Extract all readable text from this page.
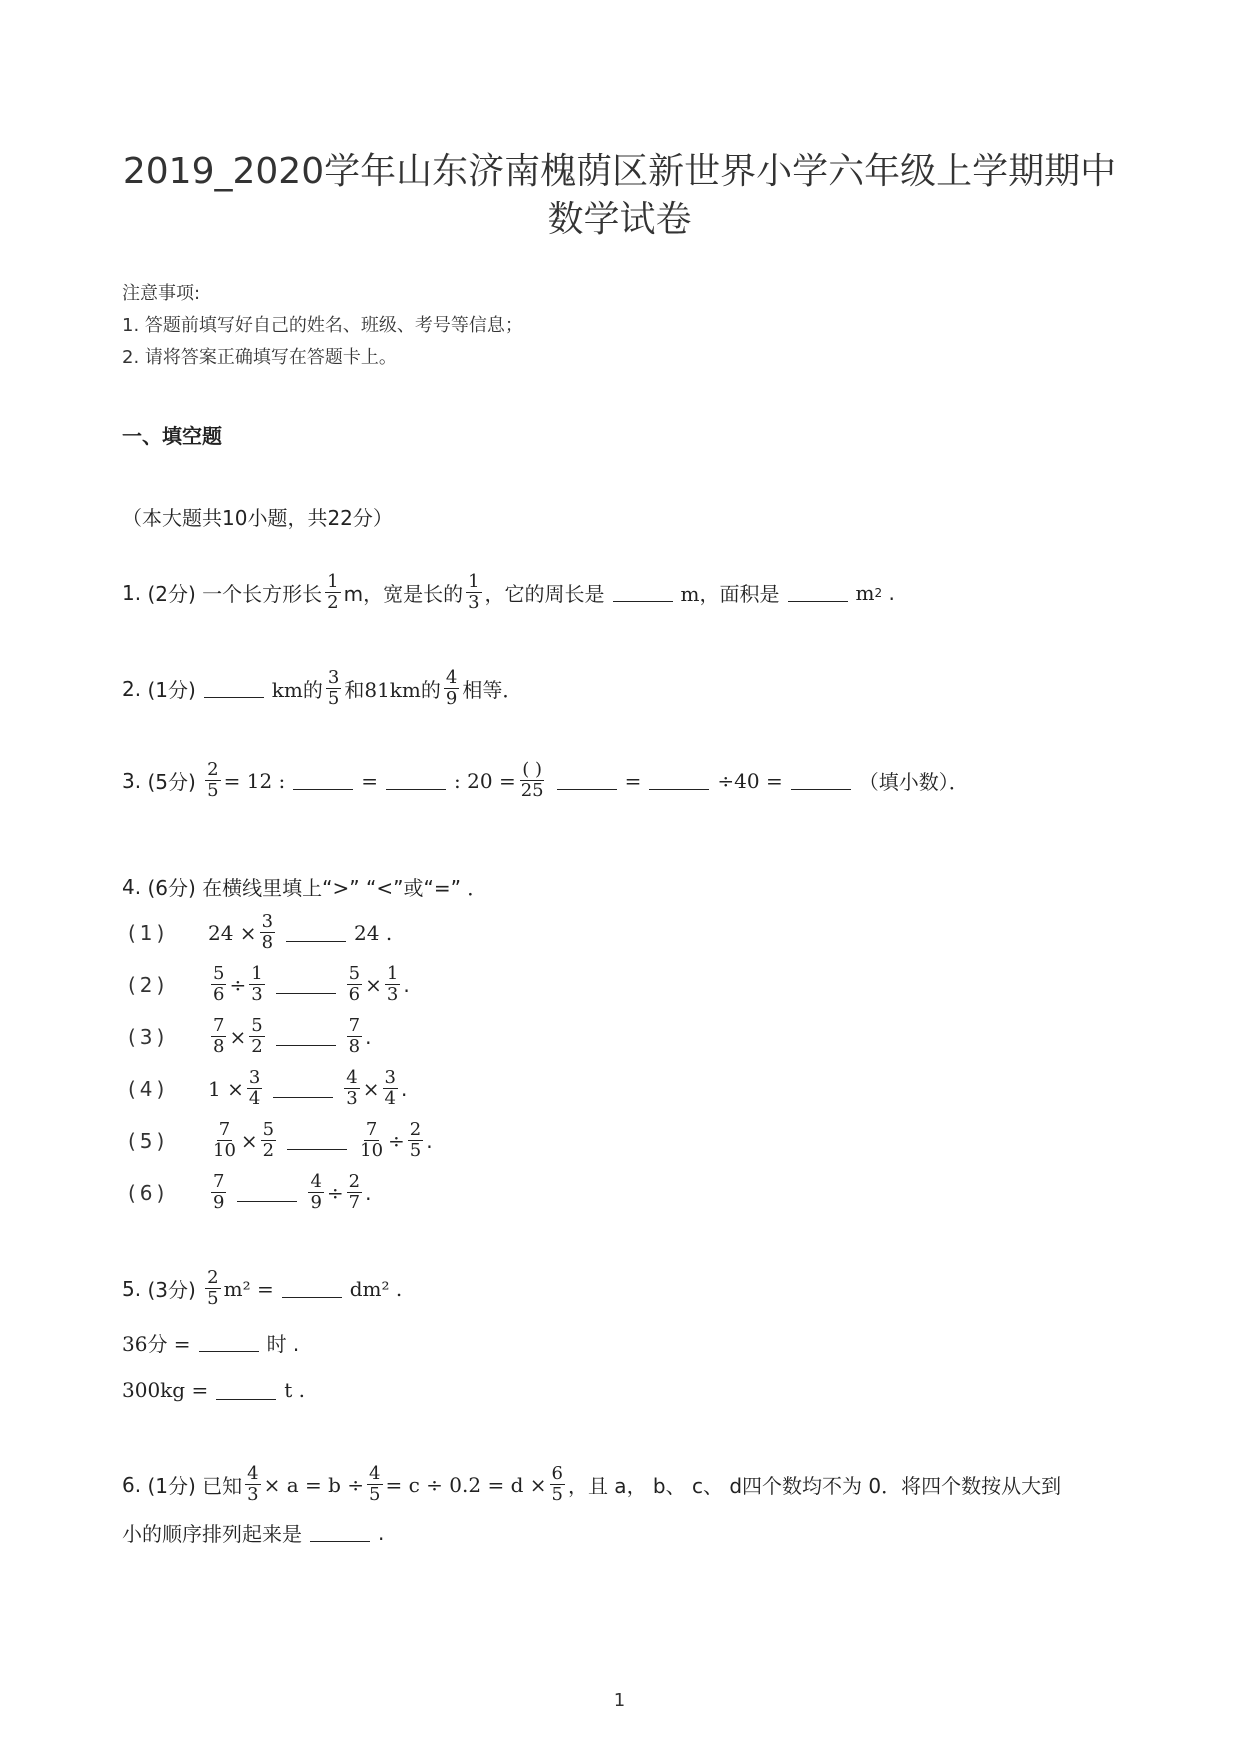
2019_2020学年山东济南槐荫区新世界小学六年级上学期期中
数学试卷
注意事项:
1. 答题前填写好自己的姓名、班级、考号等信息；
2. 请将答案正确填写在答题卡上。
一、填空题
（本大题共10小题，共22分）
1.
(2分)
一个长方形长 $\frac{1}{2}$ m，宽是长的 $\frac{1}{3}$ ，它的周长是	m，面积是	m 2
.
2.
(1分)	km的 $\frac{3}{5}$ 和 81km的 $\frac{4}{9}$ 相等．
3.
(5分)
$\frac{2}{5} = 12$ :	=	: $20 = \frac{( )}{25}$	=	÷40 =	（填小数）．
4.
(6分)
在横线里填上“>” “<”或“=” ．
(1)	$24 \times \frac{3}{8}$	24 .
(2)	$\frac{5}{6} \div \frac{1}{3}$	$\frac{5}{6} \times \frac{1}{3}$ .
(3)	$\frac{7}{8} \times \frac{5}{2}$	$\frac{7}{8}$ .
(4)	$1 \times \frac{3}{4}$	$\frac{4}{3} \times \frac{3}{4}$ .
(5)	$\frac{7}{10} \times \frac{5}{2}$	$\frac{7}{10} \div \frac{2}{5}$ .
(6)	$\frac{7}{9}$	$\frac{4}{9} \div \frac{2}{7}$ .
5.
(3分)
$\frac{2}{5} m^2$ =	dm² .
36分 =	时 .
300kg =	t .
6.
(1分)
已知 $\frac{4}{3} \times a = b \div \frac{4}{5} = c \div 0.2 = d \times \frac{6}{5}$ ，且 a， b、 c、 d四个数均不为 0．将四个数按从大到
小的顺序排列起来是	.
1
